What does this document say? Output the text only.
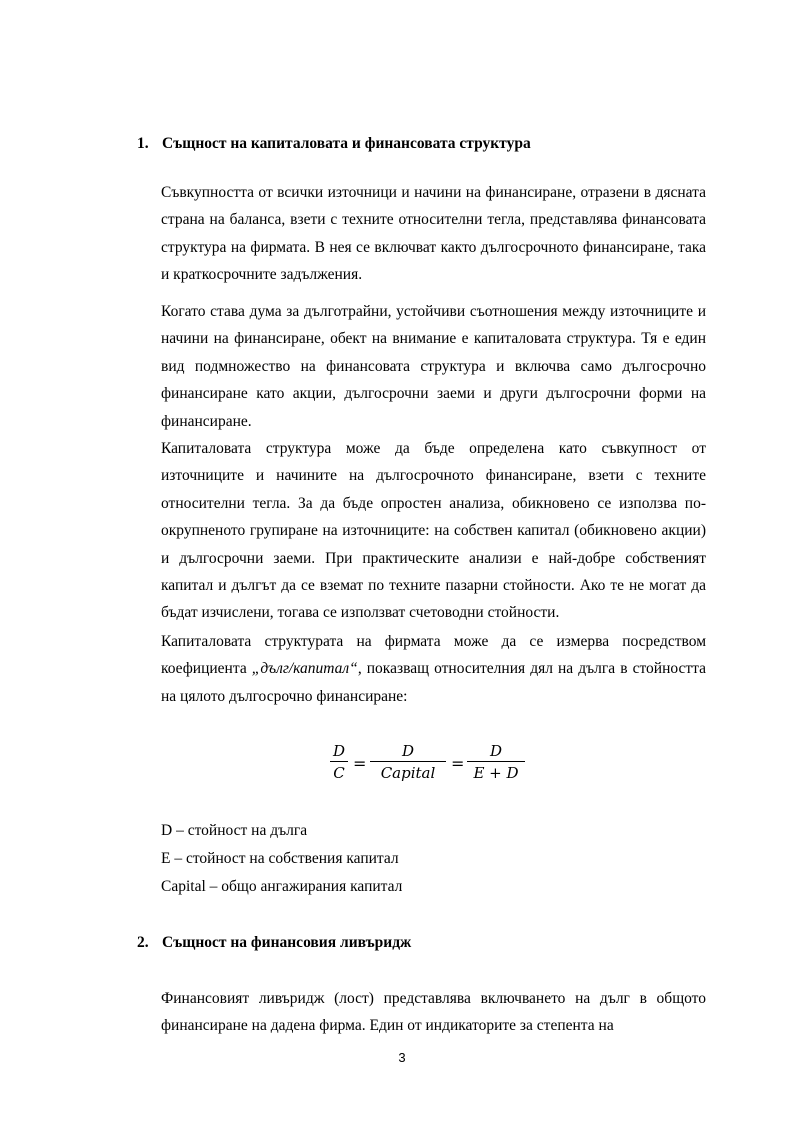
1. Същност на капиталовата и финансовата структура

Съвкупността от всички източници и начини на финансиране, отразени в дясната страна на баланса, взети с техните относителни тегла, представлява финансовата структура на фирмата. В нея се включват както дългосрочното финансиране, така и краткосрочните задължения.

Когато става дума за дълготрайни, устойчиви съотношения между източниците и начини на финансиране, обект на внимание е капиталовата структура. Тя е един вид подмножество на финансовата структура и включва само дългосрочно финансиране като акции, дългосрочни заеми и други дългосрочни форми на финансиране.

Капиталовата структура може да бъде определена като съвкупност от източниците и начините на дългосрочното финансиране, взети с техните относителни тегла. За да бъде опростен анализа, обикновено се използва по-окрупненото групиране на източниците: на собствен капитал (обикновено акции) и дългосрочни заеми. При практическите анализи е най-добре собственият капитал и дългът да се вземат по техните пазарни стойности. Ако те не могат да бъдат изчислени, тогава се използват счетоводни стойности.

Капиталовата структурата на фирмата може да се измерва посредством коефициента „дълг/капитал“, показващ относителния дял на дълга в стойността на цялото дългосрочно финансиране:

D
C =
D
Capital =
D
E + D
D – стойност на дълга
E – стойност на собствения капитал
Capital – общо ангажирания капитал
2. Същност на финансовия ливъридж

Финансовият ливъридж (лост) представлява включването на дълг в общото финансиране на дадена фирма. Един от индикаторите за степента на

3
